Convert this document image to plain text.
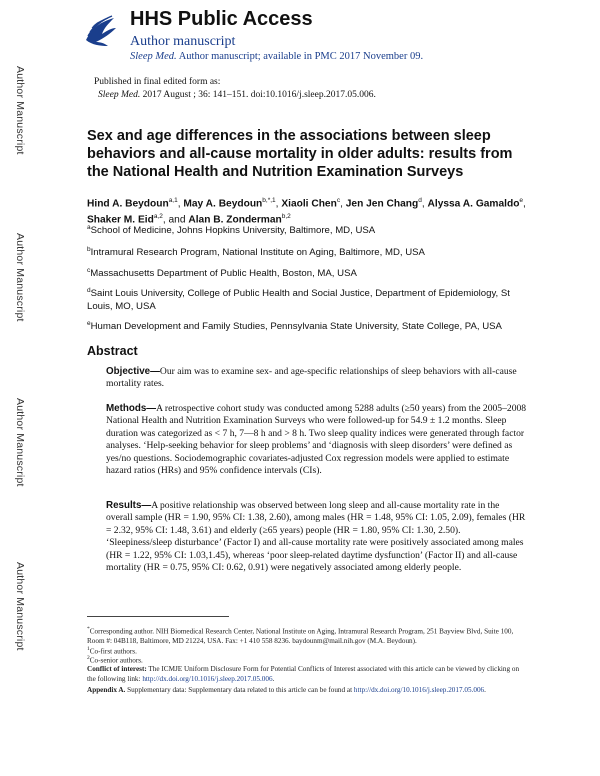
Author Manuscript
Author Manuscript
Author Manuscript
Author Manuscript
HHS Public Access
Author manuscript
Sleep Med. Author manuscript; available in PMC 2017 November 09.
Published in final edited form as:
Sleep Med. 2017 August ; 36: 141–151. doi:10.1016/j.sleep.2017.05.006.
Sex and age differences in the associations between sleep behaviors and all-cause mortality in older adults: results from the National Health and Nutrition Examination Surveys
Hind A. Beydoun$^{a,1}$, May A. Beydoun$^{b,*,1}$, Xiaoli Chen$^c$, Jen Jen Chang$^d$, Alyssa A. Gamaldo$^e$, Shaker M. Eid$^{a,2}$, and Alan B. Zonderman$^{b,2}$
$^a$School of Medicine, Johns Hopkins University, Baltimore, MD, USA
$^b$Intramural Research Program, National Institute on Aging, Baltimore, MD, USA
$^c$Massachusetts Department of Public Health, Boston, MA, USA
$^d$Saint Louis University, College of Public Health and Social Justice, Department of Epidemiology, St Louis, MO, USA
$^e$Human Development and Family Studies, Pennsylvania State University, State College, PA, USA
Abstract
Objective—Our aim was to examine sex- and age-specific relationships of sleep behaviors with all-cause mortality rates.
Methods—A retrospective cohort study was conducted among 5288 adults (≥50 years) from the 2005–2008 National Health and Nutrition Examination Surveys who were followed-up for 54.9 ± 1.2 months. Sleep duration was categorized as < 7 h, 7—8 h and > 8 h. Two sleep quality indices were generated through factor analyses. ‘Help-seeking behavior for sleep problems’ and ‘diagnosis with sleep disorders’ were defined as yes/no questions. Sociodemographic covariates-adjusted Cox regression models were applied to estimate hazard ratios (HRs) and 95% confidence intervals (CIs).
Results—A positive relationship was observed between long sleep and all-cause mortality rate in the overall sample (HR = 1.90, 95% CI: 1.38, 2.60), among males (HR = 1.48, 95% CI: 1.05, 2.09), females (HR = 2.32, 95% CI: 1.48, 3.61) and elderly (≥65 years) people (HR = 1.80, 95% CI: 1.30, 2.50). ‘Sleepiness/sleep disturbance’ (Factor I) and all-cause mortality rate were positively associated among males (HR = 1.22, 95% CI: 1.03,1.45), whereas ‘poor sleep-related daytime dysfunction’ (Factor II) and all-cause mortality (HR = 0.75, 95% CI: 0.62, 0.91) were negatively associated among elderly people.
*Corresponding author. NIH Biomedical Research Center, National Institute on Aging, Intramural Research Program, 251 Bayview Blvd, Suite 100, Room #: 04B118, Baltimore, MD 21224, USA. Fax: +1 410 558 8236. baydounm@mail.nih.gov (M.A. Beydoun).
$^1$Co-first authors.
$^2$Co-senior authors.
Conflict of interest: The ICMJE Uniform Disclosure Form for Potential Conflicts of Interest associated with this article can be viewed by clicking on the following link: http://dx.doi.org/10.1016/j.sleep.2017.05.006.
Appendix A. Supplementary data: Supplementary data related to this article can be found at http://dx.doi.org/10.1016/j.sleep.2017.05.006.
